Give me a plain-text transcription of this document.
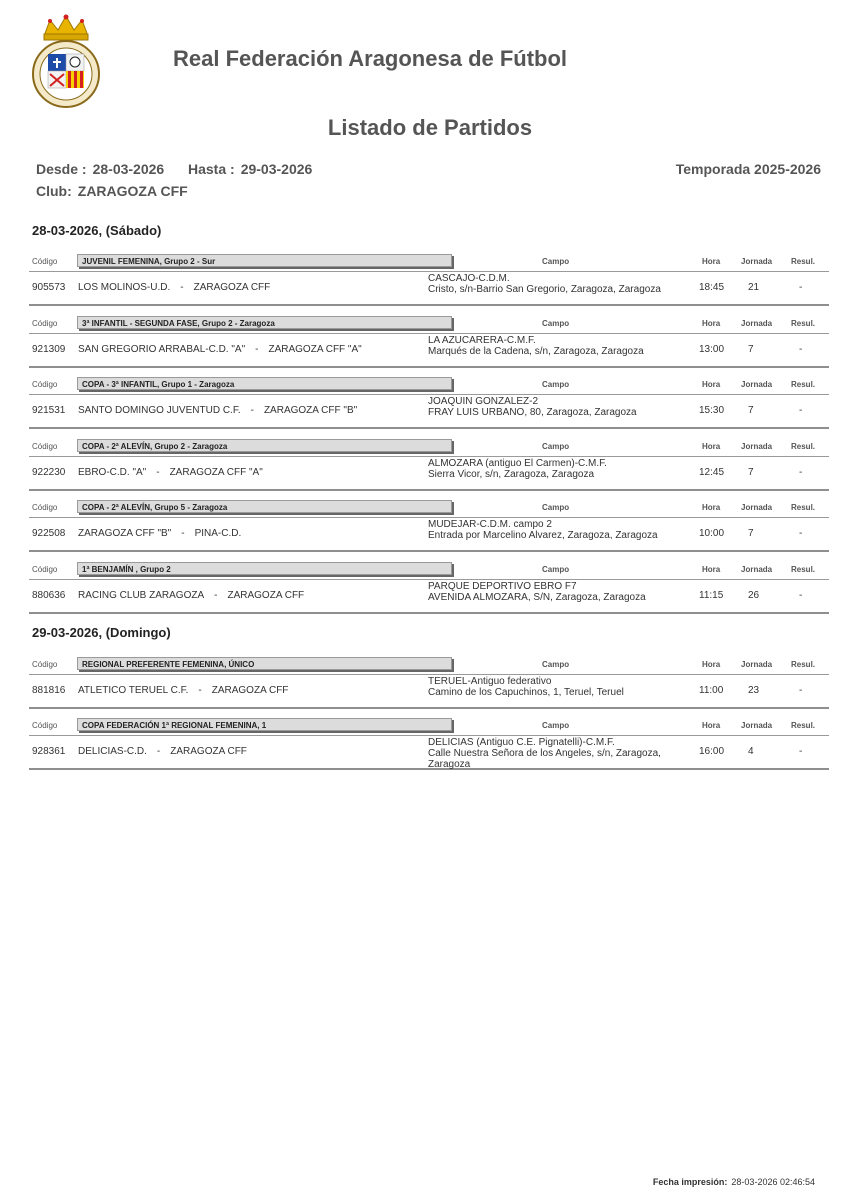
Real Federación Aragonesa de Fútbol
Listado de Partidos
Desde : 28-03-2026 Hasta : 29-03-2026	Temporada 2025-2026
Club: ZARAGOZA CFF
28-03-2026, (Sábado)
Código	JUVENIL FEMENINA, Grupo 2 - Sur	Campo	Hora	Jornada Resul.
905573 LOS MOLINOS-U.D. - ZARAGOZA CFF
CASCAJO-C.D.M.
Cristo, s/n-Barrio San Gregorio, Zaragoza, Zaragoza	18:45 21	-
Código	3ª INFANTIL - SEGUNDA FASE, Grupo 2 - Zaragoza	Campo	Hora	Jornada Resul.
921309 SAN GREGORIO ARRABAL-C.D. "A" - ZARAGOZA CFF "A"
LA AZUCARERA-C.M.F.
Marqués de la Cadena, s/n, Zaragoza, Zaragoza	13:00 7	-
Código	COPA - 3ª INFANTIL, Grupo 1 - Zaragoza	Campo	Hora	Jornada Resul.
921531 SANTO DOMINGO JUVENTUD C.F. - ZARAGOZA CFF "B"
JOAQUIN GONZALEZ-2
FRAY LUIS URBANO, 80, Zaragoza, Zaragoza	15:30 7	-
Código	COPA - 2ª ALEVÍN, Grupo 2 - Zaragoza	Campo	Hora	Jornada Resul.
922230 EBRO-C.D. "A" - ZARAGOZA CFF "A"
ALMOZARA (antiguo El Carmen)-C.M.F.
Sierra Vicor, s/n, Zaragoza, Zaragoza	12:45 7	-
Código	COPA - 2ª ALEVÍN, Grupo 5 - Zaragoza	Campo	Hora	Jornada Resul.
922508 ZARAGOZA CFF "B" - PINA-C.D.
MUDEJAR-C.D.M. campo 2
Entrada por Marcelino Alvarez, Zaragoza, Zaragoza	10:00 7	-
Código	1ª BENJAMÍN , Grupo 2	Campo	Hora	Jornada Resul.
880636 RACING CLUB ZARAGOZA - ZARAGOZA CFF
PARQUE DEPORTIVO EBRO F7
AVENIDA ALMOZARA, S/N, Zaragoza, Zaragoza	11:15 26	-
29-03-2026, (Domingo)
Código	REGIONAL PREFERENTE FEMENINA, ÚNICO	Campo	Hora	Jornada Resul.
881816 ATLETICO TERUEL C.F. - ZARAGOZA CFF
TERUEL-Antiguo federativo
Camino de los Capuchinos, 1, Teruel, Teruel	11:00 23	-
Código	COPA FEDERACIÓN 1ª REGIONAL FEMENINA, 1	Campo	Hora	Jornada Resul.
928361 DELICIAS-C.D. - ZARAGOZA CFF
DELICIAS (Antiguo C.E. Pignatelli)-C.M.F.
Calle Nuestra Señora de los Angeles, s/n, Zaragoza, Zaragoza
16:00 4	-
Fecha impresión: 28-03-2026 02:46:54
